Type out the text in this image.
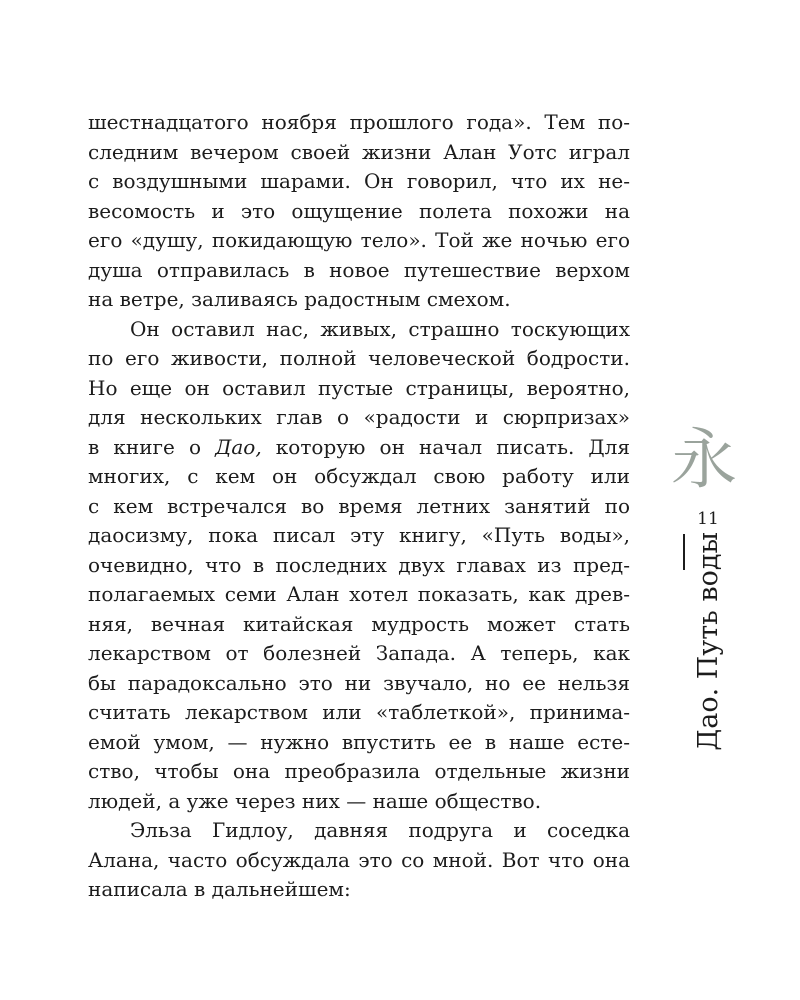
шестнадцатого ноября прошлого года». Тем по-
следним вечером своей жизни Алан Уотс играл
с воздушными шарами. Он говорил, что их не-
весомость и это ощущение полета похожи на
его «душу, покидающую тело». Той же ночью его
душа отправилась в новое путешествие верхом
на ветре, заливаясь радостным смехом.
Он оставил нас, живых, страшно тоскующих
по его живости, полной человеческой бодрости.
Но еще он оставил пустые страницы, вероятно,
для нескольких глав о «радости и сюрпризах»
в книге о Дао, которую он начал писать. Для
многих, с кем он обсуждал свою работу или
с кем встречался во время летних занятий по
даосизму, пока писал эту книгу, «Путь воды»,
очевидно, что в последних двух главах из пред-
полагаемых семи Алан хотел показать, как древ-
няя, вечная китайская мудрость может стать
лекарством от болезней Запада. А теперь, как
бы парадоксально это ни звучало, но ее нельзя
считать лекарством или «таблеткой», принима-
емой умом, — нужно впустить ее в наше есте-
ство, чтобы она преобразила отдельные жизни
людей, а уже через них — наше общество.
Эльза Гидлоу, давняя подруга и соседка
Алана, часто обсуждала это со мной. Вот что она
написала в дальнейшем:
永
11
Дао. Путь воды
